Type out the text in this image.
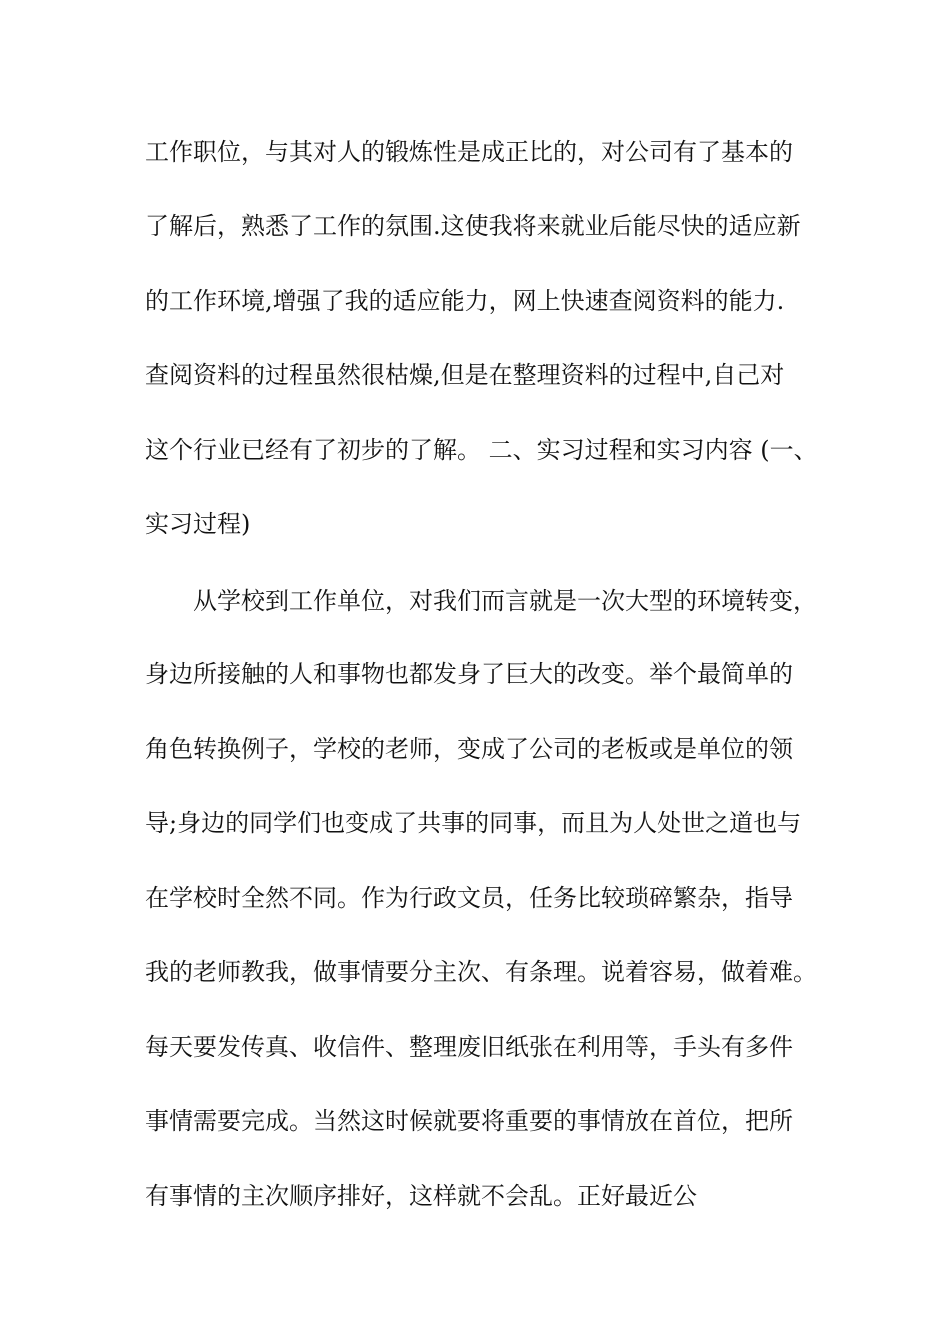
工作职位，与其对人的锻炼性是成正比的，对公司有了基本的
了解后，熟悉了工作的氛围.这使我将来就业后能尽快的适应新
的工作环境,增强了我的适应能力，网上快速查阅资料的能力.
查阅资料的过程虽然很枯燥,但是在整理资料的过程中,自己对
这个行业已经有了初步的了解。 二、实习过程和实习内容 (一、
实习过程)
从学校到工作单位，对我们而言就是一次大型的环境转变，
身边所接触的人和事物也都发身了巨大的改变。举个最简单的
角色转换例子，学校的老师，变成了公司的老板或是单位的领
导;身边的同学们也变成了共事的同事，而且为人处世之道也与
在学校时全然不同。作为行政文员，任务比较琐碎繁杂，指导
我的老师教我，做事情要分主次、有条理。说着容易，做着难。
每天要发传真、收信件、整理废旧纸张在利用等，手头有多件
事情需要完成。当然这时候就要将重要的事情放在首位，把所
有事情的主次顺序排好，这样就不会乱。正好最近公
